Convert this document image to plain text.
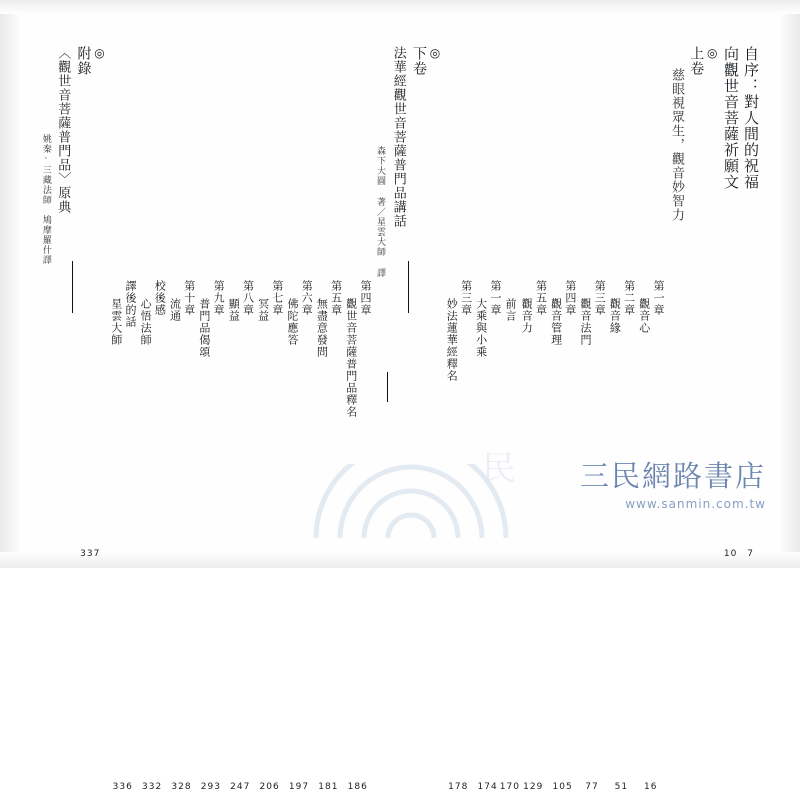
自序：對人間的祝福
7
向觀世音菩薩祈願文
10
◎
上卷
慈眼視眾生，觀音妙智力
第一章
觀音心
16
第二章
觀音緣
51
第三章
觀音法門
77
第四章
觀音管理
105
第五章
觀音力
129
前言
170
第一章
大乘與小乘
174
第三章
妙法蓮華經釋名
178
◎
下卷
法華經觀世音菩薩普門品講話
森下大圓 著／星雲大師 譯
第四章
觀世音菩薩普門品釋名
186
第五章
無盡意發問
181
第六章
佛陀應答
197
第七章
冥益
206
第八章
顯益
247
第九章
普門品偈頌
293
第十章
流通
328
校後感
心悟法師
332
譯後的話
星雲大師
336
◎
附錄
337
〈觀世音菩薩普門品〉原典
姚秦·三藏法師　鳩摩羅什譯
民	三民網路書店
www.sanmin.com.tw
